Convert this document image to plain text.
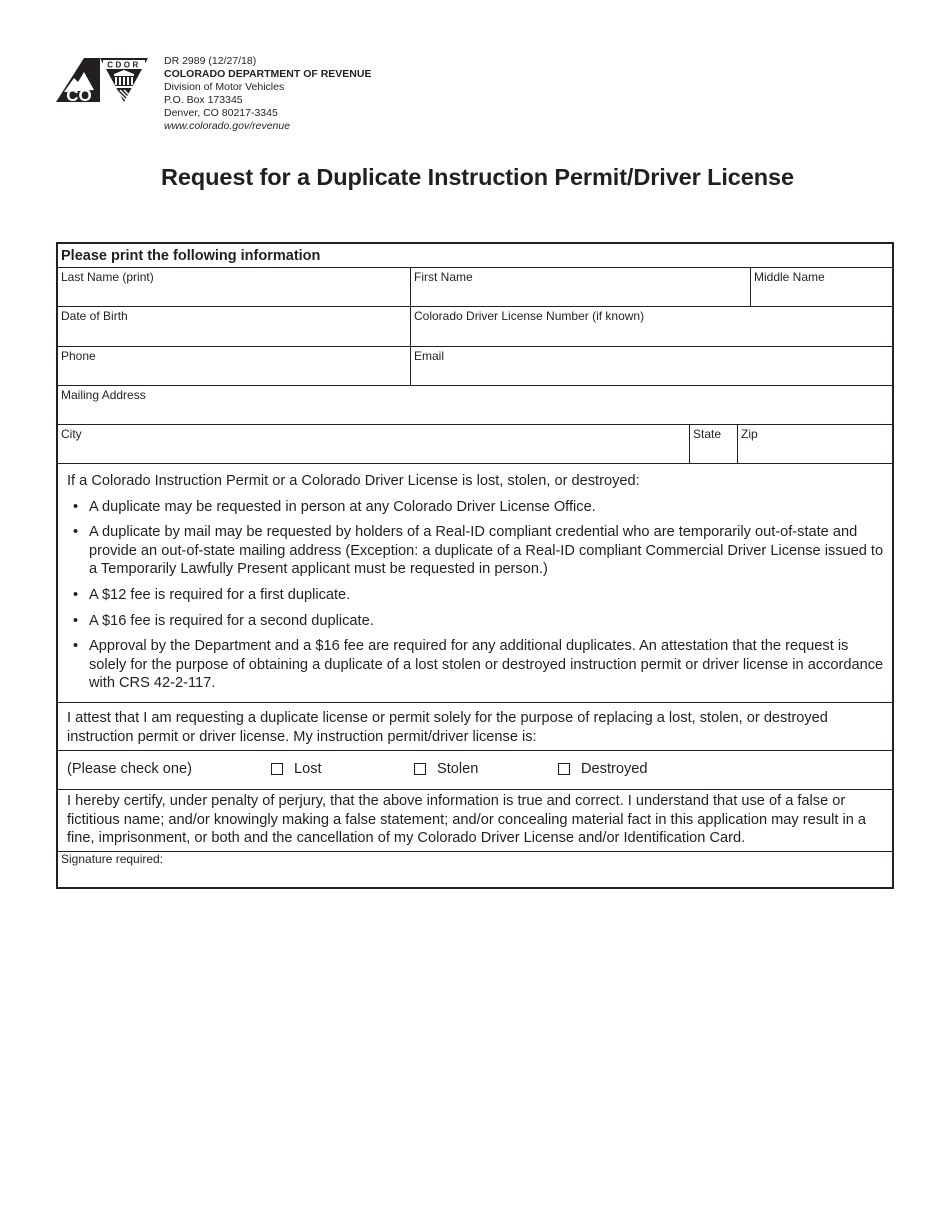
CDOR
CO
DR 2989 (12/27/18)
COLORADO DEPARTMENT OF REVENUE
Division of Motor Vehicles
P.O. Box 173345
Denver, CO 80217-3345
www.colorado.gov/revenue
Request for a Duplicate Instruction Permit/Driver License
Please print the following information
Last Name (print)	First Name	Middle Name
Date of Birth	Colorado Driver License Number (if known)
Phone	Email
Mailing Address
City	State	Zip
If a Colorado Instruction Permit or a Colorado Driver License is lost, stolen, or destroyed:
• A duplicate may be requested in person at any Colorado Driver License Office.
• A duplicate by mail may be requested by holders of a Real-ID compliant credential who are temporarily out-of-state and provide an out-of-state mailing address (Exception: a duplicate of a Real-ID compliant Commercial Driver License issued to a Temporarily Lawfully Present applicant must be requested in person.)
• A $12 fee is required for a first duplicate.
• A $16 fee is required for a second duplicate.
• Approval by the Department and a $16 fee are required for any additional duplicates. An attestation that the request is solely for the purpose of obtaining a duplicate of a lost stolen or destroyed instruction permit or driver license in accordance with CRS 42-2-117.
I attest that I am requesting a duplicate license or permit solely for the purpose of replacing a lost, stolen, or destroyed instruction permit or driver license. My instruction permit/driver license is:
(Please check one)	Lost	Stolen	Destroyed
I hereby certify, under penalty of perjury, that the above information is true and correct. I understand that use of a false or fictitious name; and/or knowingly making a false statement; and/or concealing material fact in this application may result in a fine, imprisonment, or both and the cancellation of my Colorado Driver License and/or Identification Card.
Signature required:
